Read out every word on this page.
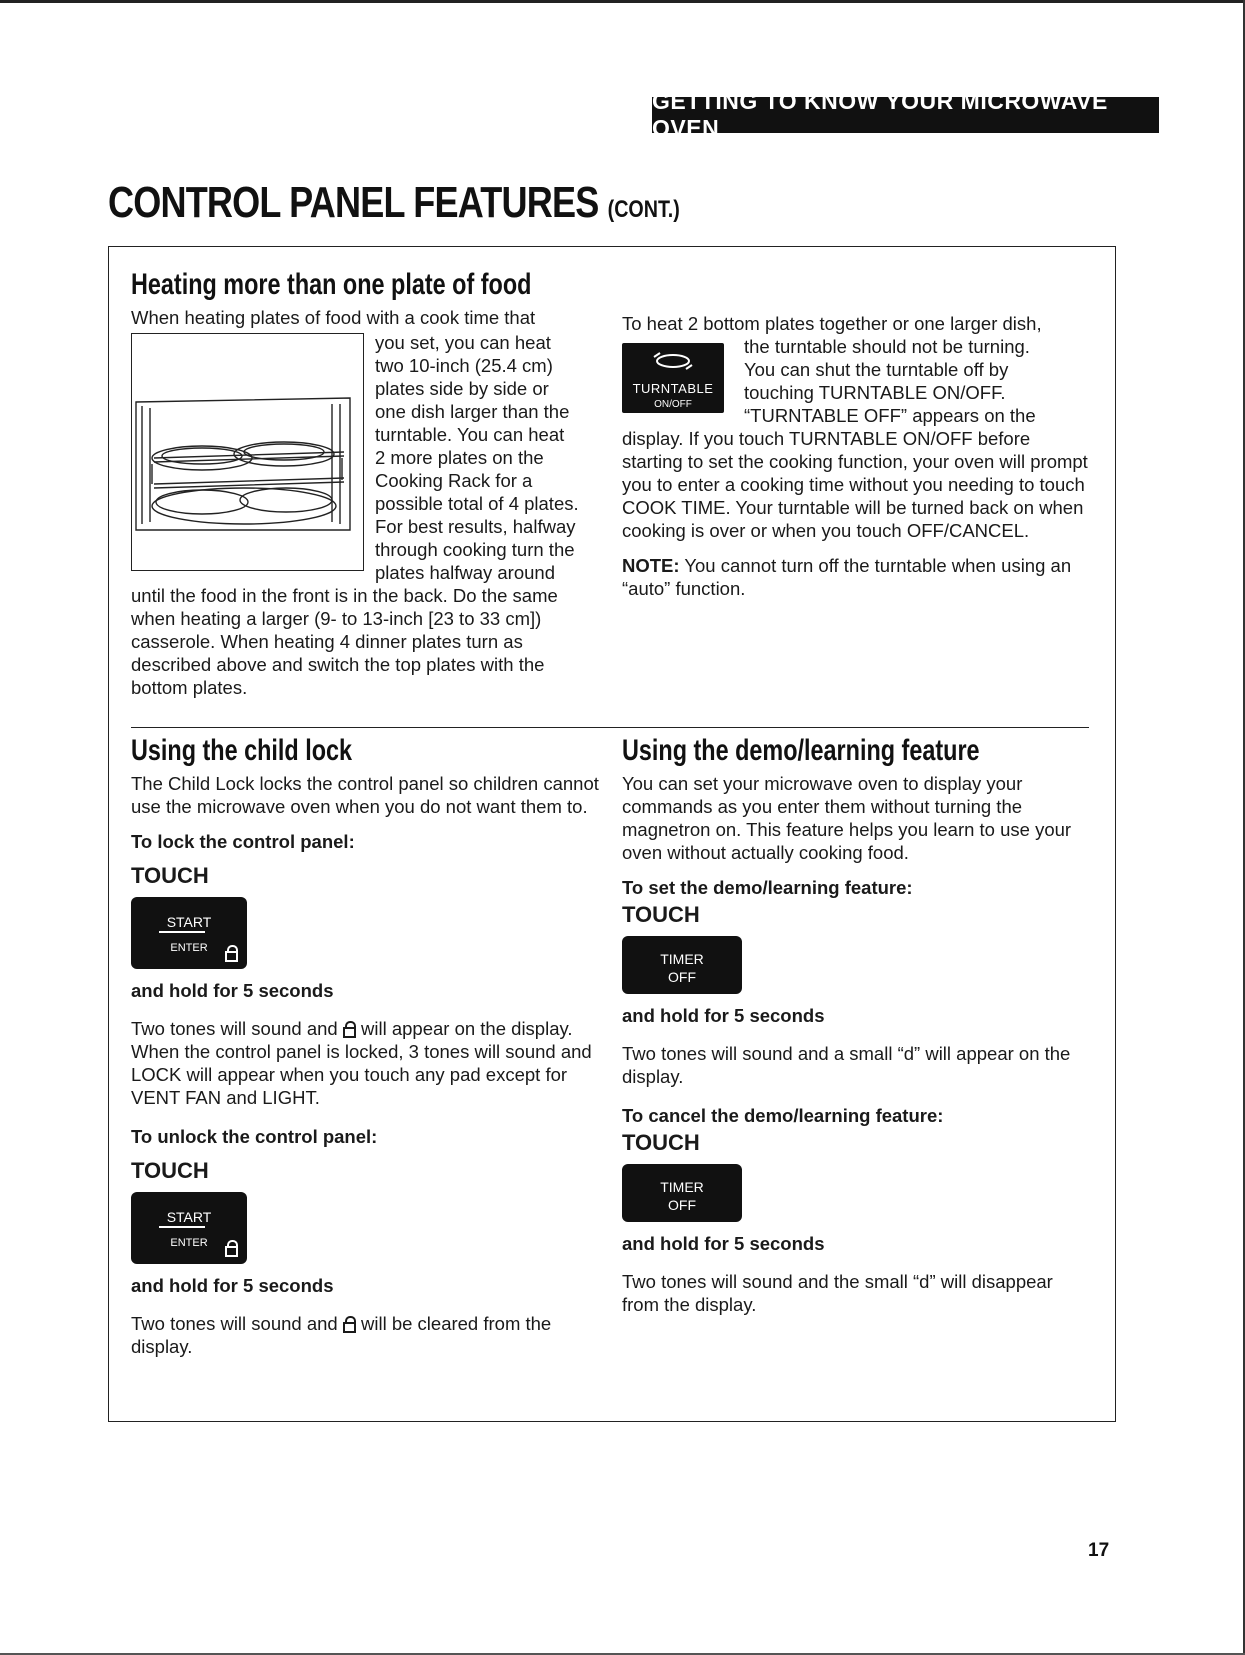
GETTING TO KNOW YOUR MICROWAVE OVEN
CONTROL PANEL FEATURES (CONT.)
Heating more than one plate of food

When heating plates of food with a cook time that

you set, you can heat

two 10-inch (25.4 cm)

plates side by side or

one dish larger than the

turntable. You can heat

2 more plates on the

Cooking Rack for a

possible total of 4 plates.

For best results, halfway

through cooking turn the

plates halfway around

until the food in the front is in the back. Do the same when heating a larger (9- to 13-inch [23 to 33 cm]) casserole. When heating 4 dinner plates turn as described above and switch the top plates with the bottom plates.

To heat 2 bottom plates together or one larger dish,

TURNTABLE
ON/OFF

the turntable should not be turning.

You can shut the turntable off by

touching TURNTABLE ON/OFF.

“TURNTABLE OFF” appears on the

display. If you touch TURNTABLE ON/OFF before starting to set the cooking function, your oven will prompt you to enter a cooking time without you needing to touch COOK TIME. Your turntable will be turned back on when cooking is over or when you touch OFF/CANCEL.

NOTE: You cannot turn off the turntable when using an “auto” function.

Using the child lock

The Child Lock locks the control panel so children cannot use the microwave oven when you do not want them to.

To lock the control panel:

TOUCH

START
ENTER

and hold for 5 seconds

Two tones will sound and  will appear on the display. When the control panel is locked, 3 tones will sound and LOCK will appear when you touch any pad except for VENT FAN and LIGHT.

To unlock the control panel:

TOUCH

START
ENTER

and hold for 5 seconds

Two tones will sound and  will be cleared from the display.

Using the demo/learning feature

You can set your microwave oven to display your commands as you enter them without turning the magnetron on. This feature helps you learn to use your oven without actually cooking food.

To set the demo/learning feature:

TOUCH

TIMER
OFF

and hold for 5 seconds

Two tones will sound and a small “d” will appear on the display.

To cancel the demo/learning feature:

TOUCH

TIMER
OFF

and hold for 5 seconds

Two tones will sound and the small “d” will disappear from the display.

17
